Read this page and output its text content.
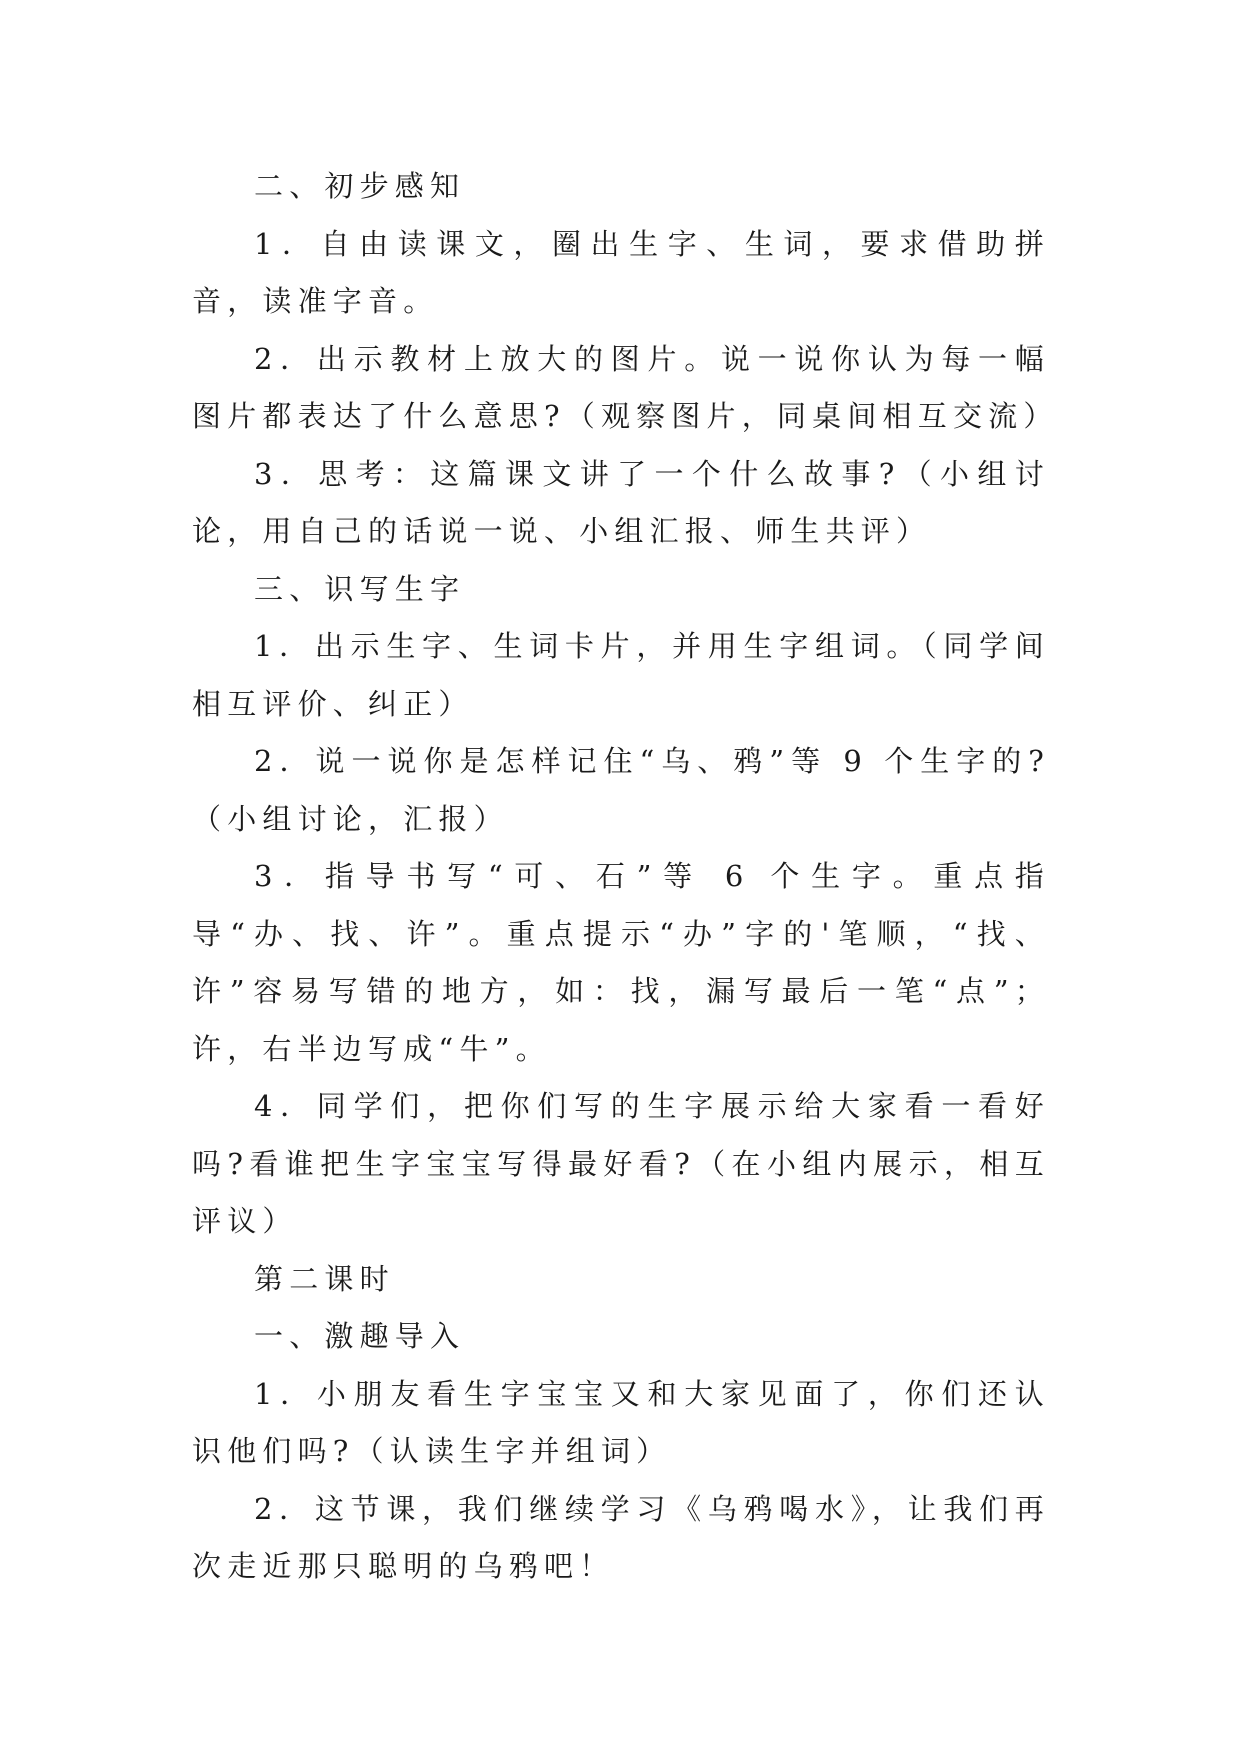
二、初步感知

1．自由读课文，圈出生字、生词，要求借助拼音，读准字音。

2．出示教材上放大的图片。说一说你认为每一幅图片都表达了什么意思?（观察图片，同桌间相互交流）

3．思考：这篇课文讲了一个什么故事?（小组讨论，用自己的话说一说、小组汇报、师生共评）

三、识写生字

1．出示生字、生词卡片，并用生字组词。（同学间相互评价、纠正）

2．说一说你是怎样记住“乌、鸦”等 9 个生字的?（小组讨论，汇报）

3．指导书写“可、石”等 6 个生字。重点指导“办、找、许”。重点提示“办”字的'笔顺，“找、许”容易写错的地方，如：找，漏写最后一笔“点”；许，右半边写成“牛”。

4．同学们，把你们写的生字展示给大家看一看好吗?看谁把生字宝宝写得最好看?（在小组内展示，相互评议）

第二课时

一、激趣导入

1．小朋友看生字宝宝又和大家见面了，你们还认识他们吗?（认读生字并组词）

2．这节课，我们继续学习《乌鸦喝水》，让我们再次走近那只聪明的乌鸦吧！
